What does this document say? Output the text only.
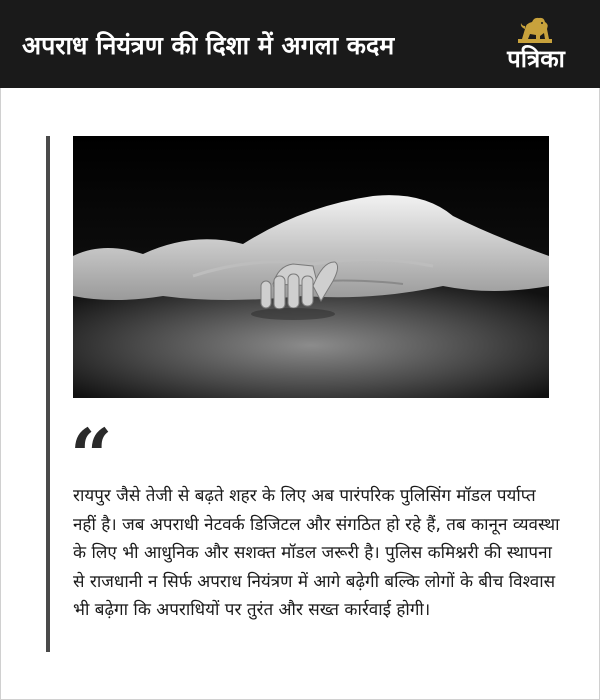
अपराध नियंत्रण की दिशा में अगला कदम	पत्रिका
“
रायपुर जैसे तेजी से बढ़ते शहर के लिए अब पारंपरिक पुलिसिंग मॉडल पर्याप्त नहीं है। जब अपराधी नेटवर्क डिजिटल और संगठित हो रहे हैं, तब कानून व्यवस्था के लिए भी आधुनिक और सशक्त मॉडल जरूरी है। पुलिस कमिश्नरी की स्थापना से राजधानी न सिर्फ अपराध नियंत्रण में आगे बढ़ेगी बल्कि लोगों के बीच विश्वास भी बढ़ेगा कि अपराधियों पर तुरंत और सख्त कार्रवाई होगी।
